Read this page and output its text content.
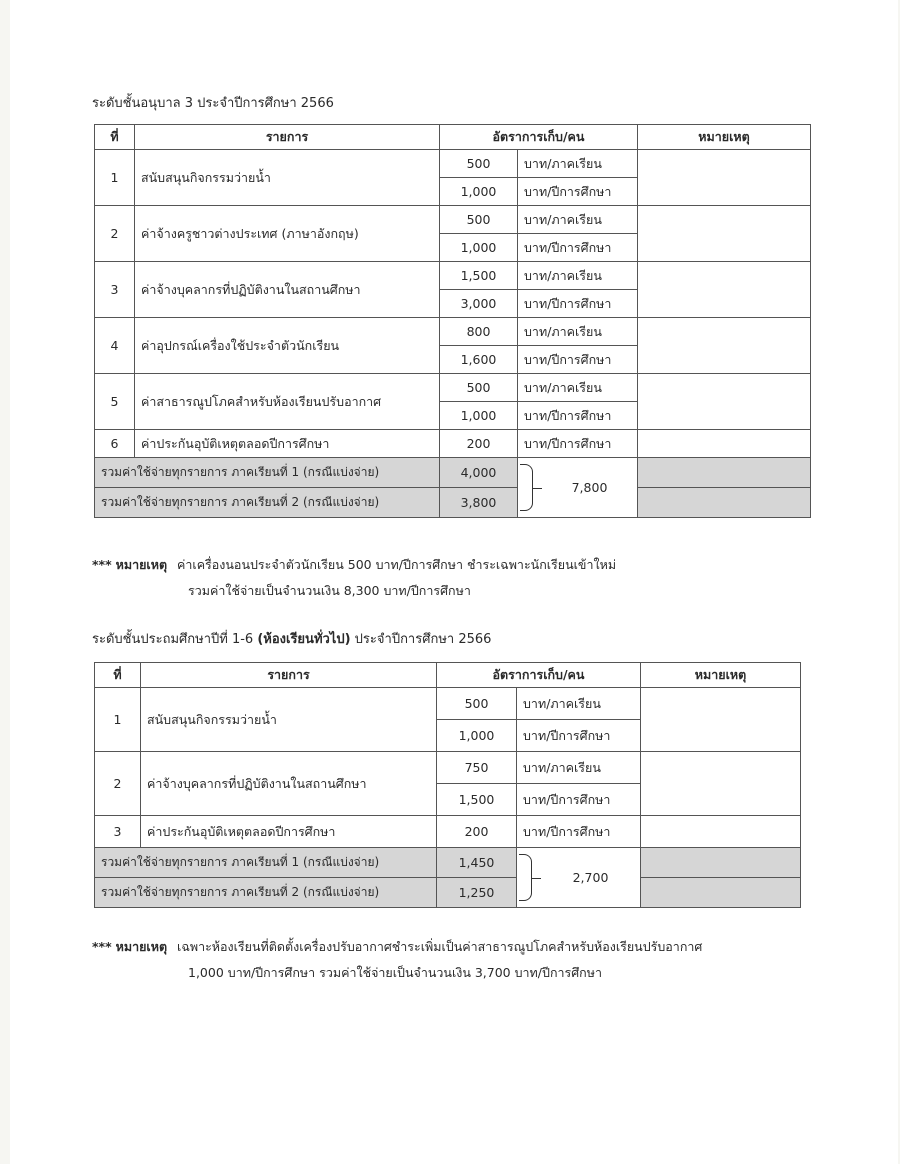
ระดับชั้นอนุบาล 3 ประจำปีการศึกษา 2566
ที่	รายการ	อัตราการเก็บ/คน		หมายเหตุ
1	สนับสนุนกิจกรรมว่ายน้ำ	500	บาท/ภาคเรียน	
		1,000	บาท/ปีการศึกษา	
2	ค่าจ้างครูชาวต่างประเทศ (ภาษาอังกฤษ)	500	บาท/ภาคเรียน	
		1,000	บาท/ปีการศึกษา	
3	ค่าจ้างบุคลากรที่ปฏิบัติงานในสถานศึกษา	1,500	บาท/ภาคเรียน	
		3,000	บาท/ปีการศึกษา	
4	ค่าอุปกรณ์เครื่องใช้ประจำตัวนักเรียน	800	บาท/ภาคเรียน	
		1,600	บาท/ปีการศึกษา	
5	ค่าสาธารณูปโภคสำหรับห้องเรียนปรับอากาศ	500	บาท/ภาคเรียน	
		1,000	บาท/ปีการศึกษา	
6	ค่าประกันอุบัติเหตุตลอดปีการศึกษา	200	บาท/ปีการศึกษา	
รวมค่าใช้จ่ายทุกรายการ ภาคเรียนที่ 1 (กรณีแบ่งจ่าย)		4,000	7,800	

รวมค่าใช้จ่ายทุกรายการ ภาคเรียนที่ 2 (กรณีแบ่งจ่าย)		3,800		
*** หมายเหตุ ค่าเครื่องนอนประจำตัวนักเรียน 500 บาท/ปีการศึกษา ชำระเฉพาะนักเรียนเข้าใหม่
รวมค่าใช้จ่ายเป็นจำนวนเงิน 8,300 บาท/ปีการศึกษา
ระดับชั้นประถมศึกษาปีที่ 1-6 (ห้องเรียนทั่วไป) ประจำปีการศึกษา 2566
ที่	รายการ	อัตราการเก็บ/คน		หมายเหตุ
1	สนับสนุนกิจกรรมว่ายน้ำ	500	บาท/ภาคเรียน	
		1,000	บาท/ปีการศึกษา	
2	ค่าจ้างบุคลากรที่ปฏิบัติงานในสถานศึกษา	750	บาท/ภาคเรียน	
		1,500	บาท/ปีการศึกษา	
3	ค่าประกันอุบัติเหตุตลอดปีการศึกษา	200	บาท/ปีการศึกษา	
รวมค่าใช้จ่ายทุกรายการ ภาคเรียนที่ 1 (กรณีแบ่งจ่าย)		1,450	2,700	

รวมค่าใช้จ่ายทุกรายการ ภาคเรียนที่ 2 (กรณีแบ่งจ่าย)		1,250		
*** หมายเหตุ เฉพาะห้องเรียนที่ติดตั้งเครื่องปรับอากาศชำระเพิ่มเป็นค่าสาธารณูปโภคสำหรับห้องเรียนปรับอากาศ
1,000 บาท/ปีการศึกษา รวมค่าใช้จ่ายเป็นจำนวนเงิน 3,700 บาท/ปีการศึกษา
